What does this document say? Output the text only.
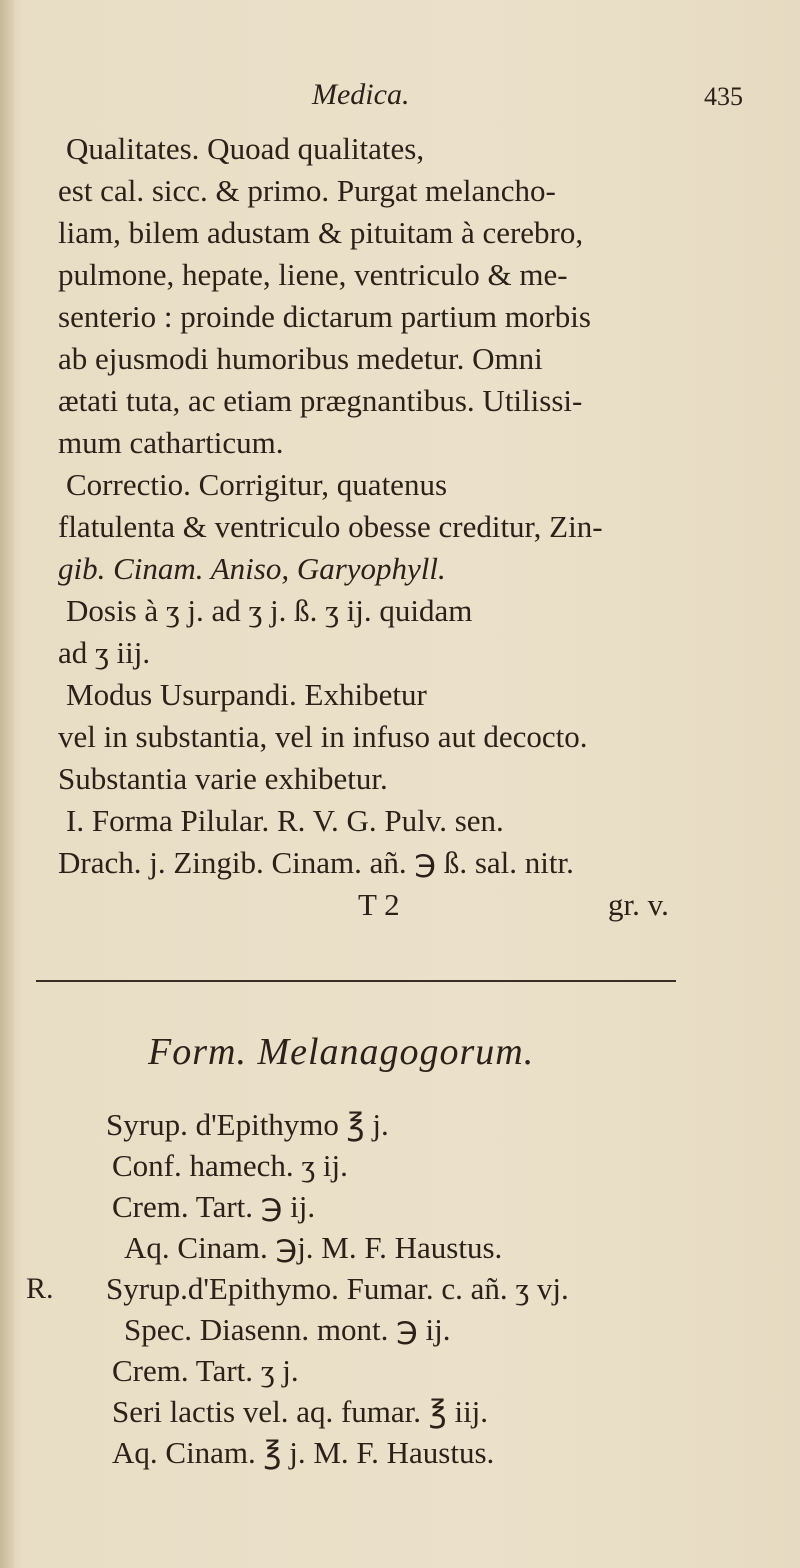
Medica.	435
Qualitates. Quoad qualitates,
est cal. sicc. & primo. Purgat melancho-
liam, bilem adustam & pituitam à cerebro,
pulmone, hepate, liene, ventriculo & me-
senterio : proinde dictarum partium morbis
ab ejusmodi humoribus medetur. Omni
ætati tuta, ac etiam prægnantibus. Utilissi-
mum catharticum.
Correctio. Corrigitur, quatenus
flatulenta & ventriculo obesse creditur, Zin-
gib. Cinam. Aniso, Garyophyll.
Dosis à ʒ j. ad ʒ j. ß. ʒ ij. quidam
ad ʒ iij.
Modus Usurpandi. Exhibetur
vel in substantia, vel in infuso aut decocto.
Substantia varie exhibetur.
I. Forma Pilular. R. V. G. Pulv. sen.
Drach. j. Zingib. Cinam. añ. ℈ ß. sal. nitr.
T 2	gr. v.
Form. Melanagogorum.
Syrup. d'Epithymo ℥ j.
Conf. hamech. ʒ ij.
Crem. Tart. ℈ ij.
Aq. Cinam. ℈j. M. F. Haustus.
R. Syrup.d'Epithymo. Fumar. c. añ. ʒ vj.
Spec. Diasenn. mont. ℈ ij.
Crem. Tart. ʒ j.
Seri lactis vel. aq. fumar. ℥ iij.
Aq. Cinam. ℥ j. M. F. Haustus.
